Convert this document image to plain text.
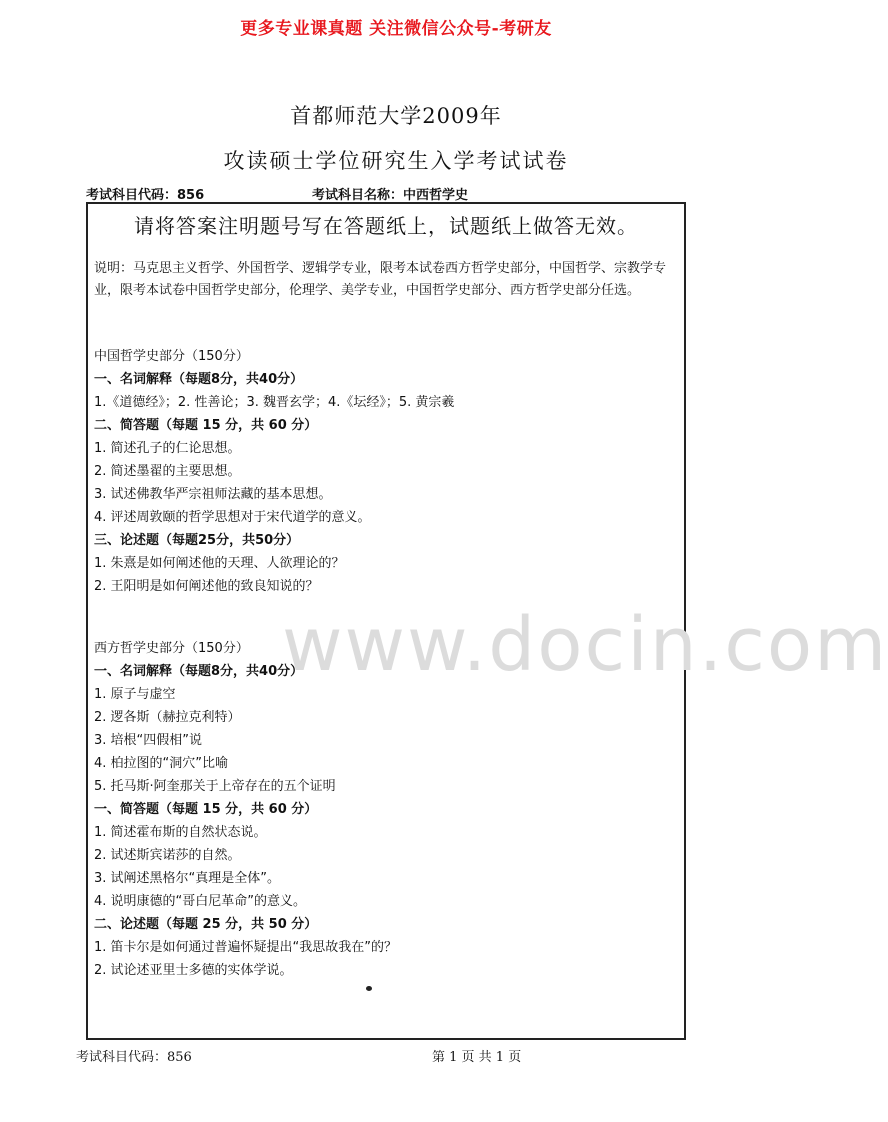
更多专业课真题 关注微信公众号-考研友
首都师范大学2009年
攻读硕士学位研究生入学考试试卷
考试科目代码：856	考试科目名称：中西哲学史
请将答案注明题号写在答题纸上，试题纸上做答无效。
说明：马克思主义哲学、外国哲学、逻辑学专业，限考本试卷西方哲学史部分，中国哲学、宗教学专业，限考本试卷中国哲学史部分，伦理学、美学专业，中国哲学史部分、西方哲学史部分任选。
中国哲学史部分（150分）
一、名词解释（每题8分，共40分）
1.《道德经》；2. 性善论；3. 魏晋玄学；4.《坛经》；5. 黄宗羲
二、简答题（每题 15 分，共 60 分）
1. 简述孔子的仁论思想。
2. 简述墨翟的主要思想。
3. 试述佛教华严宗祖师法藏的基本思想。
4. 评述周敦颐的哲学思想对于宋代道学的意义。
三、论述题（每题25分，共50分）
1. 朱熹是如何阐述他的天理、人欲理论的？
2. 王阳明是如何阐述他的致良知说的？
www.docin.com
西方哲学史部分（150分）
一、名词解释（每题8分，共40分）
1. 原子与虚空
2. 逻各斯（赫拉克利特）
3. 培根“四假相”说
4. 柏拉图的“洞穴”比喻
5. 托马斯·阿奎那关于上帝存在的五个证明
一、简答题（每题 15 分，共 60 分）
1. 简述霍布斯的自然状态说。
2. 试述斯宾诺莎的自然。
3. 试阐述黑格尔“真理是全体”。
4. 说明康德的“哥白尼革命”的意义。
二、论述题（每题 25 分，共 50 分）
1. 笛卡尔是如何通过普遍怀疑提出“我思故我在”的？
2. 试论述亚里士多德的实体学说。
考试科目代码：856	第 1 页 共 1 页
